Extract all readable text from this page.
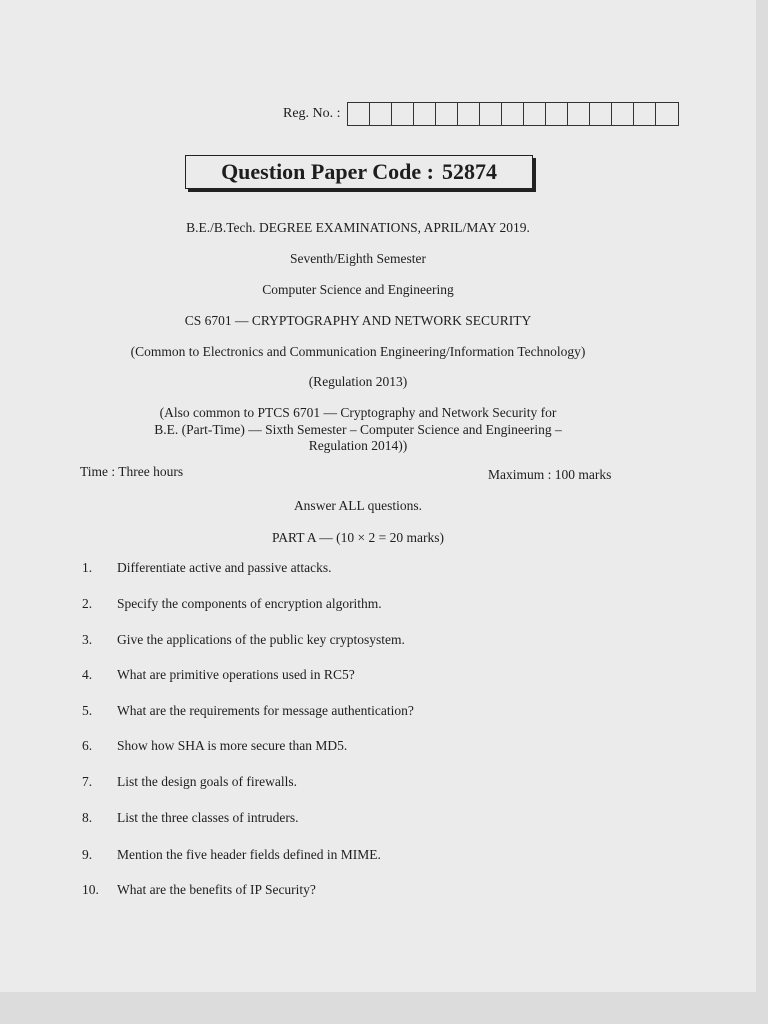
Reg. No. :
Question Paper Code : 52874
B.E./B.Tech. DEGREE EXAMINATIONS, APRIL/MAY 2019.
Seventh/Eighth Semester
Computer Science and Engineering
CS 6701 — CRYPTOGRAPHY AND NETWORK SECURITY
(Common to Electronics and Communication Engineering/Information Technology)
(Regulation 2013)
(Also common to PTCS 6701 — Cryptography and Network Security for
B.E. (Part-Time) — Sixth Semester – Computer Science and Engineering –
Regulation 2014))
Time : Three hours	Maximum : 100 marks
Answer ALL questions.
PART A — (10 × 2 = 20 marks)
1. Differentiate active and passive attacks.
2. Specify the components of encryption algorithm.
3. Give the applications of the public key cryptosystem.
4. What are primitive operations used in RC5?
5. What are the requirements for message authentication?
6. Show how SHA is more secure than MD5.
7. List the design goals of firewalls.
8. List the three classes of intruders.
9. Mention the five header fields defined in MIME.
10. What are the benefits of IP Security?
